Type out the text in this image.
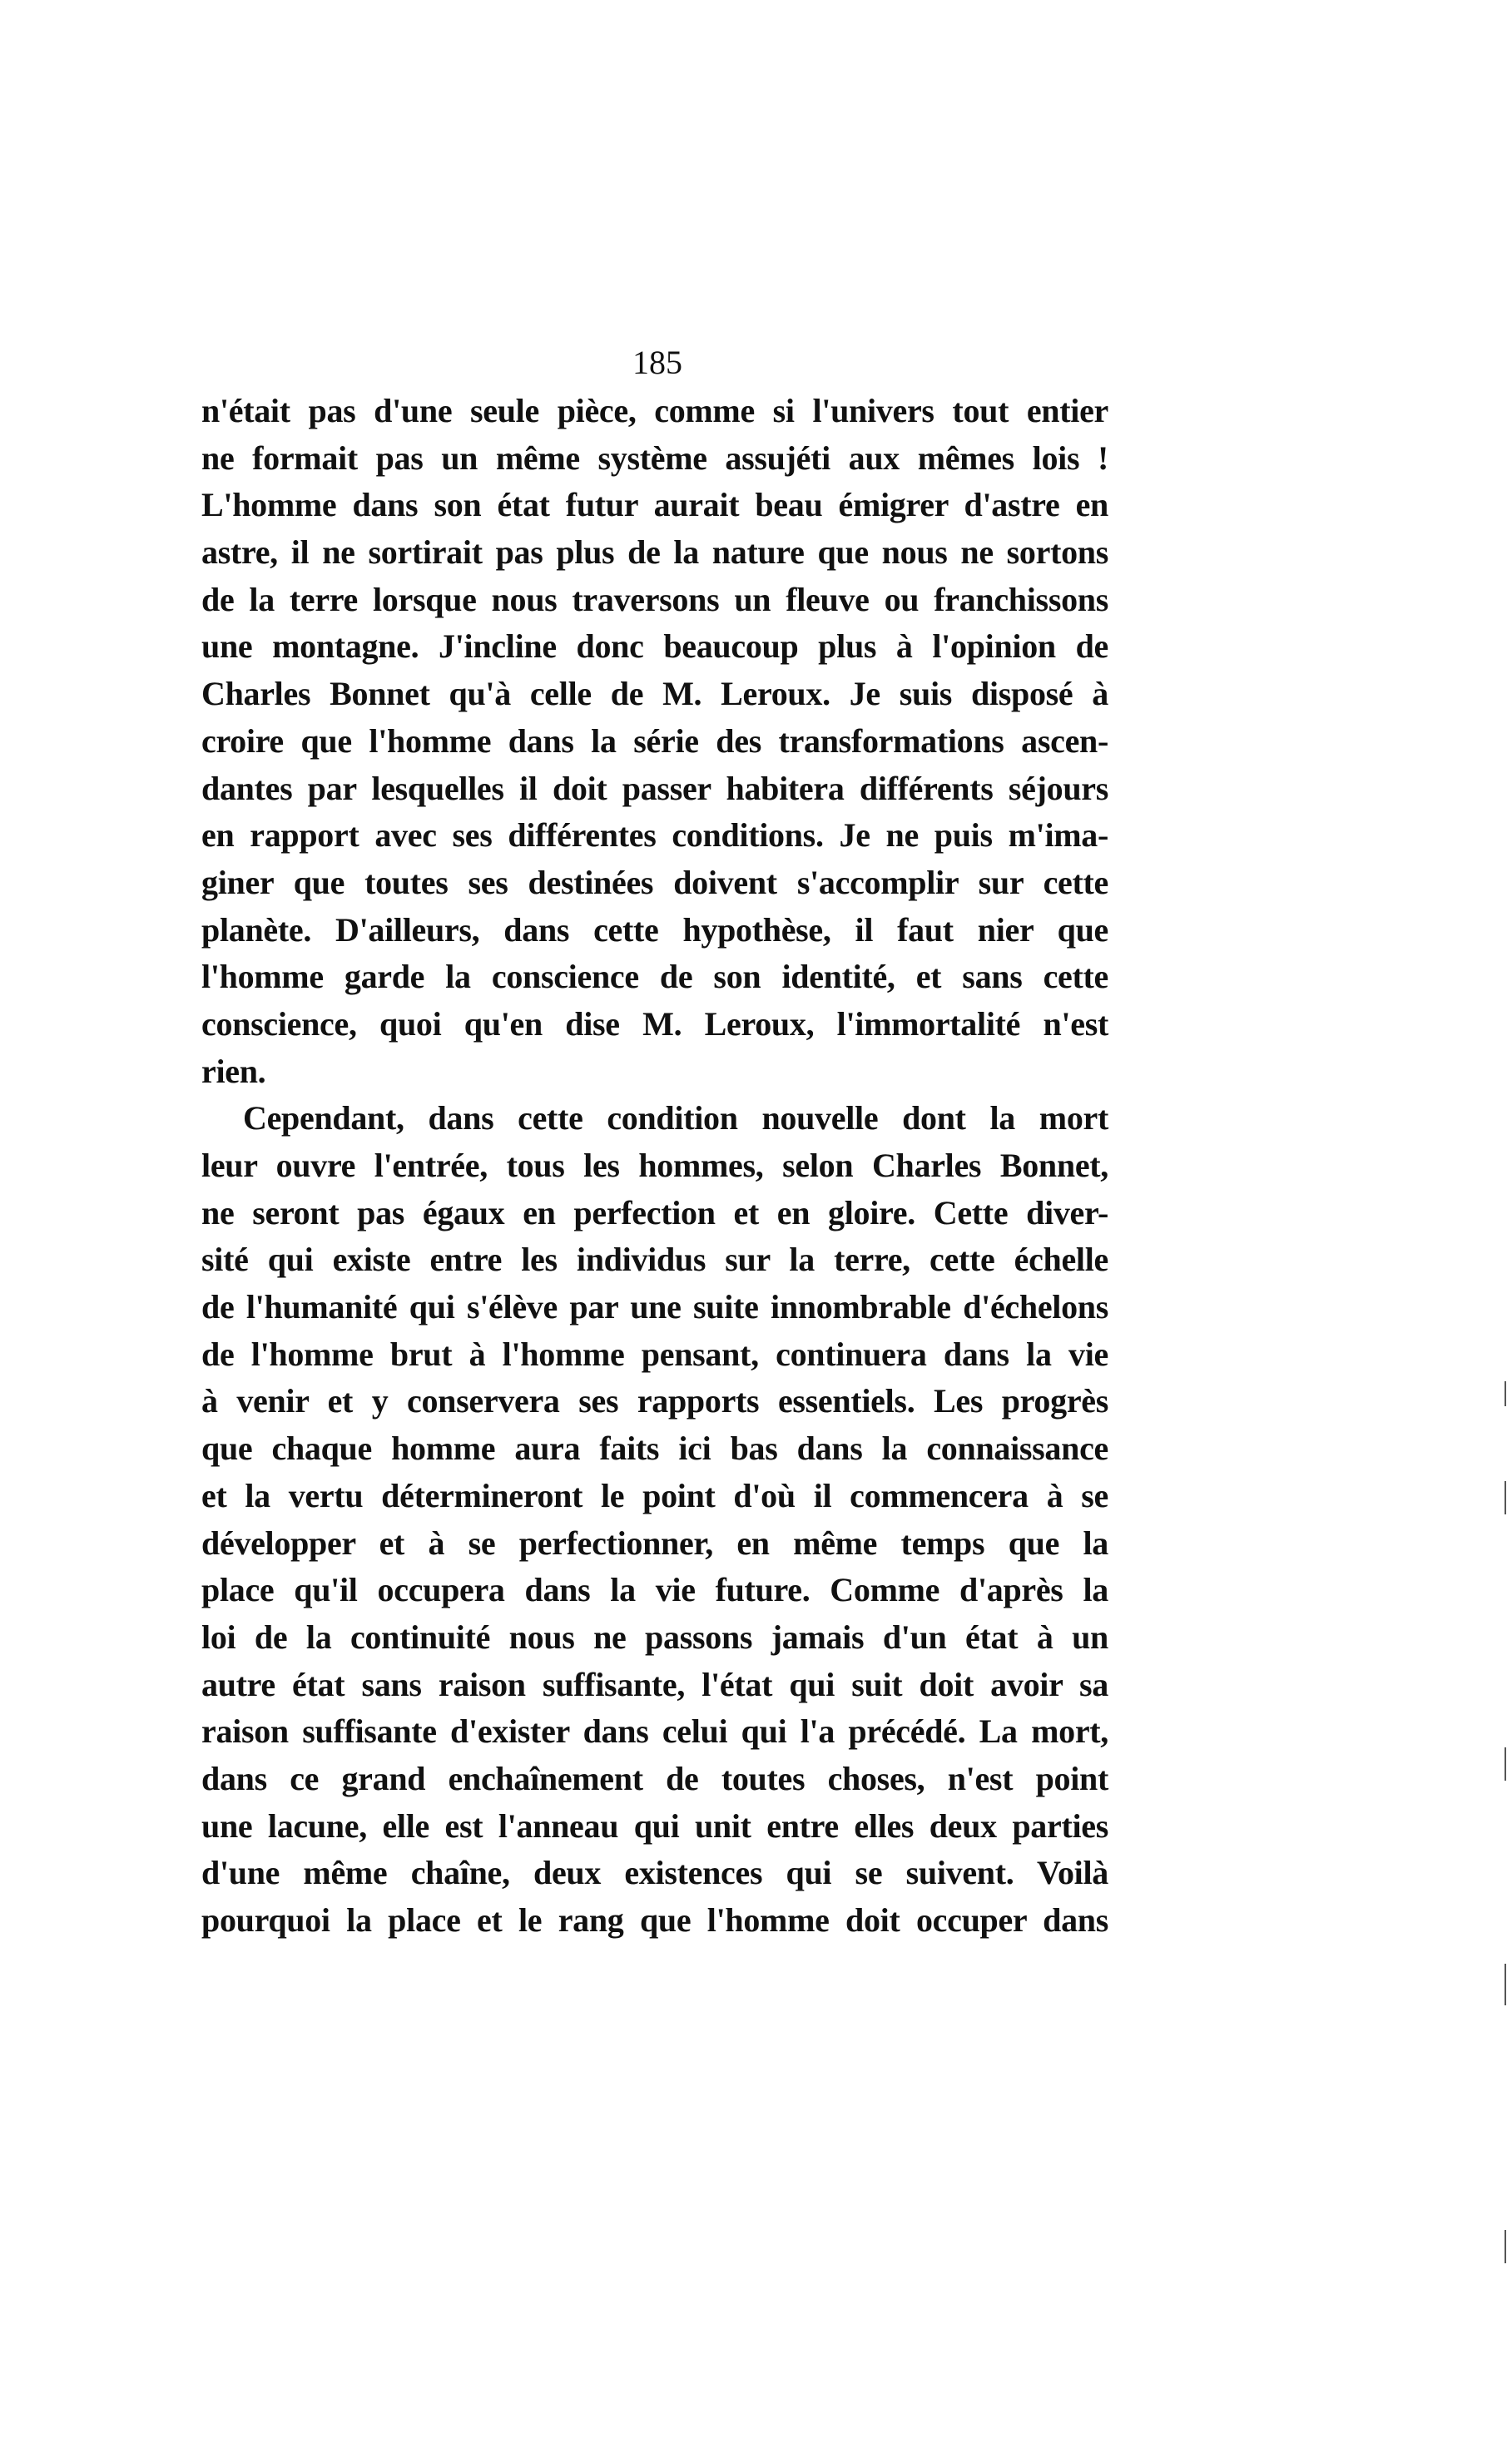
185
n'était pas d'une seule pièce, comme si l'univers tout entier
ne formait pas un même système assujéti aux mêmes lois !
L'homme dans son état futur aurait beau émigrer d'astre en
astre, il ne sortirait pas plus de la nature que nous ne sortons
de la terre lorsque nous traversons un fleuve ou franchissons
une montagne. J'incline donc beaucoup plus à l'opinion de
Charles Bonnet qu'à celle de M. Leroux. Je suis disposé à
croire que l'homme dans la série des transformations ascen-
dantes par lesquelles il doit passer habitera différents séjours
en rapport avec ses différentes conditions. Je ne puis m'ima-
giner que toutes ses destinées doivent s'accomplir sur cette
planète. D'ailleurs, dans cette hypothèse, il faut nier que
l'homme garde la conscience de son identité, et sans cette
conscience, quoi qu'en dise M. Leroux, l'immortalité n'est
rien.
Cependant, dans cette condition nouvelle dont la mort
leur ouvre l'entrée, tous les hommes, selon Charles Bonnet,
ne seront pas égaux en perfection et en gloire. Cette diver-
sité qui existe entre les individus sur la terre, cette échelle
de l'humanité qui s'élève par une suite innombrable d'échelons
de l'homme brut à l'homme pensant, continuera dans la vie
à venir et y conservera ses rapports essentiels. Les progrès
que chaque homme aura faits ici bas dans la connaissance
et la vertu détermineront le point d'où il commencera à se
développer et à se perfectionner, en même temps que la
place qu'il occupera dans la vie future. Comme d'après la
loi de la continuité nous ne passons jamais d'un état à un
autre état sans raison suffisante, l'état qui suit doit avoir sa
raison suffisante d'exister dans celui qui l'a précédé. La mort,
dans ce grand enchaînement de toutes choses, n'est point
une lacune, elle est l'anneau qui unit entre elles deux parties
d'une même chaîne, deux existences qui se suivent. Voilà
pourquoi la place et le rang que l'homme doit occuper dans
